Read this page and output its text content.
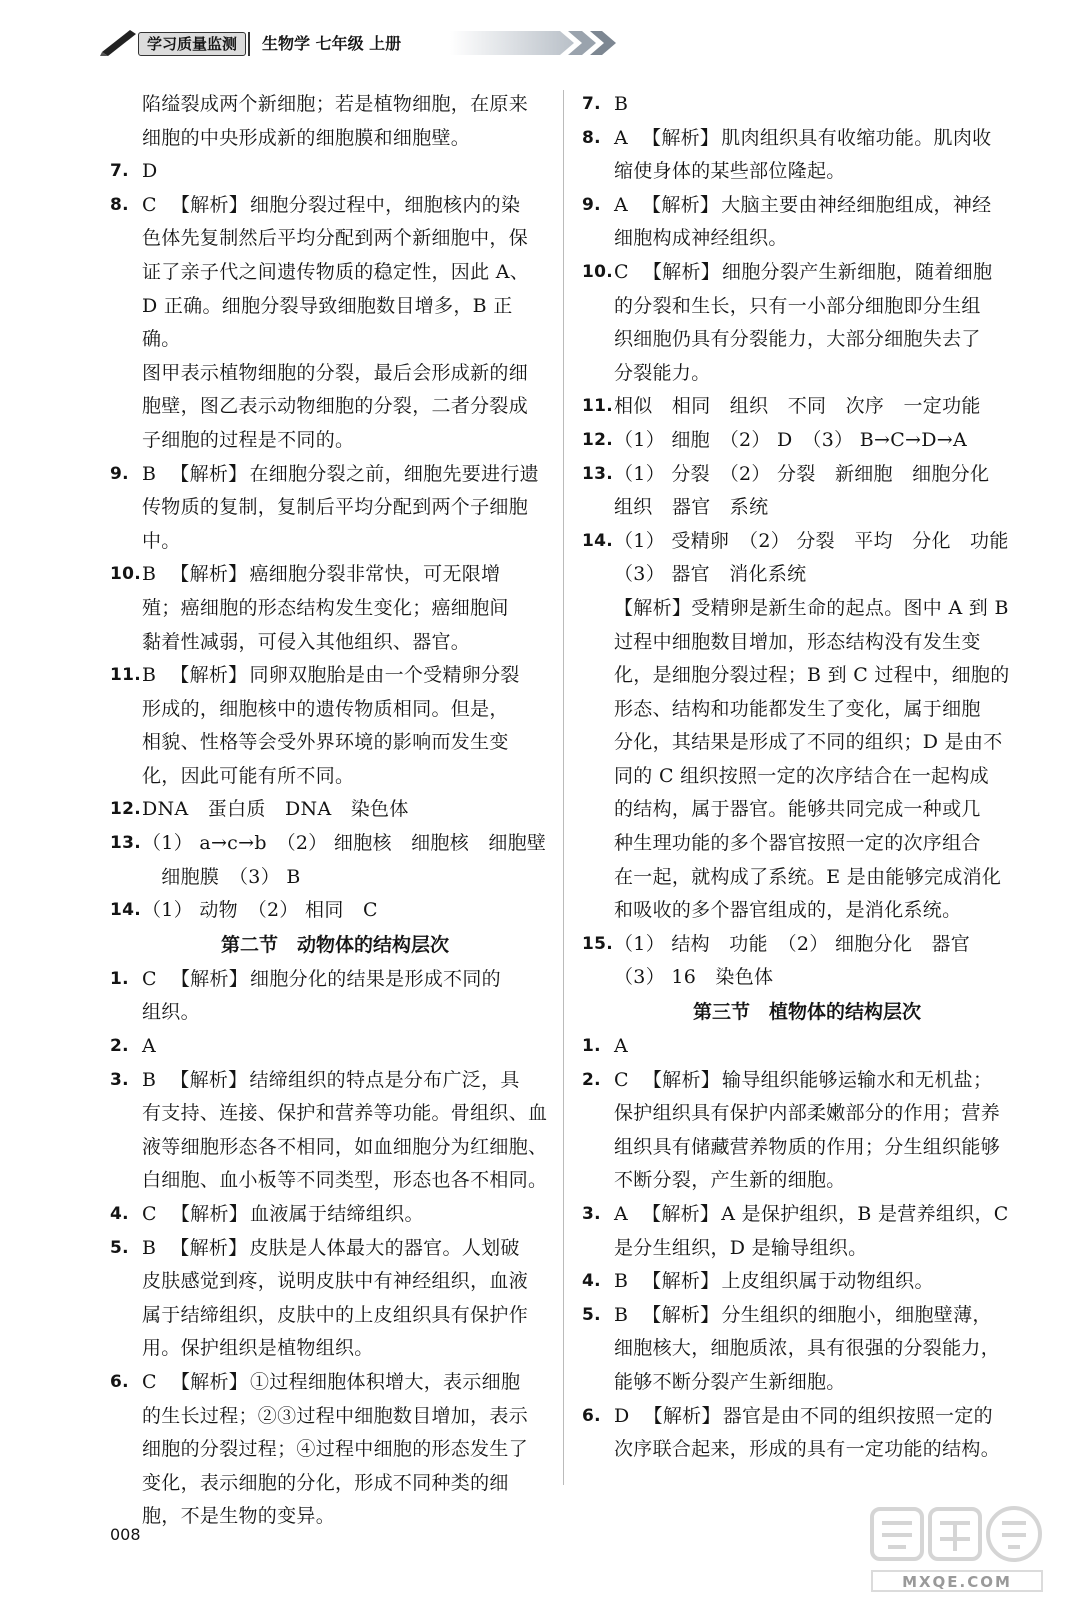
学习质量监测	生物学 七年级 上册
陷缢裂成两个新细胞；若是植物细胞，在原来
细胞的中央形成新的细胞膜和细胞壁。
7. D
8. C 【解析】 细胞分裂过程中，细胞核内的染
色体先复制然后平均分配到两个新细胞中，保
证了亲子代之间遗传物质的稳定性，因此 A、
D 正确。细胞分裂导致细胞数目增多，B 正确。
图甲表示植物细胞的分裂，最后会形成新的细
胞壁，图乙表示动物细胞的分裂，二者分裂成
子细胞的过程是不同的。
9. B 【解析】 在细胞分裂之前，细胞先要进行遗
传物质的复制，复制后平均分配到两个子细胞中。
10. B 【解析】 癌细胞分裂非常快，可无限增
殖；癌细胞的形态结构发生变化；癌细胞间
黏着性减弱，可侵入其他组织、器官。
11. B 【解析】 同卵双胞胎是由一个受精卵分裂
形成的，细胞核中的遗传物质相同。但是，
相貌、性格等会受外界环境的影响而发生变
化，因此可能有所不同。
12. DNA　蛋白质　DNA　染色体
13. （1） a→c→b　（2） 细胞核　细胞核　细胞壁
　细胞膜　（3） B
14. （1） 动物　（2） 相同　C
第二节　动物体的结构层次
1. C 【解析】 细胞分化的结果是形成不同的
组织。
2. A
3. B 【解析】 结缔组织的特点是分布广泛，具
有支持、连接、保护和营养等功能。骨组织、血
液等细胞形态各不相同，如血细胞分为红细胞、
白细胞、血小板等不同类型，形态也各不相同。
4. C 【解析】 血液属于结缔组织。
5. B 【解析】 皮肤是人体最大的器官。人划破
皮肤感觉到疼，说明皮肤中有神经组织，血液
属于结缔组织，皮肤中的上皮组织具有保护作
用。保护组织是植物组织。
6. C 【解析】 ①过程细胞体积增大，表示细胞
的生长过程；②③过程中细胞数目增加，表示
细胞的分裂过程；④过程中细胞的形态发生了
变化，表示细胞的分化，形成不同种类的细
胞，不是生物的变异。
7. B
8. A 【解析】 肌肉组织具有收缩功能。肌肉收
缩使身体的某些部位隆起。
9. A 【解析】 大脑主要由神经细胞组成，神经
细胞构成神经组织。
10. C 【解析】 细胞分裂产生新细胞，随着细胞
的分裂和生长，只有一小部分细胞即分生组
织细胞仍具有分裂能力，大部分细胞失去了
分裂能力。
11. 相似　相同　组织　不同　次序　一定功能
12. （1） 细胞　（2） D　（3） B→C→D→A
13. （1） 分裂　（2） 分裂　新细胞　细胞分化
组织　器官　系统
14. （1） 受精卵　（2） 分裂　平均　分化　功能
（3） 器官　消化系统
【解析】受精卵是新生命的起点。图中 A 到 B
过程中细胞数目增加，形态结构没有发生变
化，是细胞分裂过程；B 到 C 过程中，细胞的
形态、结构和功能都发生了变化，属于细胞
分化，其结果是形成了不同的组织；D 是由不
同的 C 组织按照一定的次序结合在一起构成
的结构，属于器官。能够共同完成一种或几
种生理功能的多个器官按照一定的次序组合
在一起，就构成了系统。E 是由能够完成消化
和吸收的多个器官组成的，是消化系统。
15. （1） 结构　功能　（2） 细胞分化　器官
（3） 16　染色体
第三节　植物体的结构层次
1. A
2. C 【解析】 输导组织能够运输水和无机盐；
保护组织具有保护内部柔嫩部分的作用；营养
组织具有储藏营养物质的作用；分生组织能够
不断分裂，产生新的细胞。
3. A 【解析】 A 是保护组织，B 是营养组织，C
是分生组织，D 是输导组织。
4. B 【解析】 上皮组织属于动物组织。
5. B 【解析】 分生组织的细胞小，细胞壁薄，
细胞核大，细胞质浓，具有很强的分裂能力，
能够不断分裂产生新细胞。
6. D 【解析】 器官是由不同的组织按照一定的
次序联合起来，形成的具有一定功能的结构。
008
MXQE.COM
